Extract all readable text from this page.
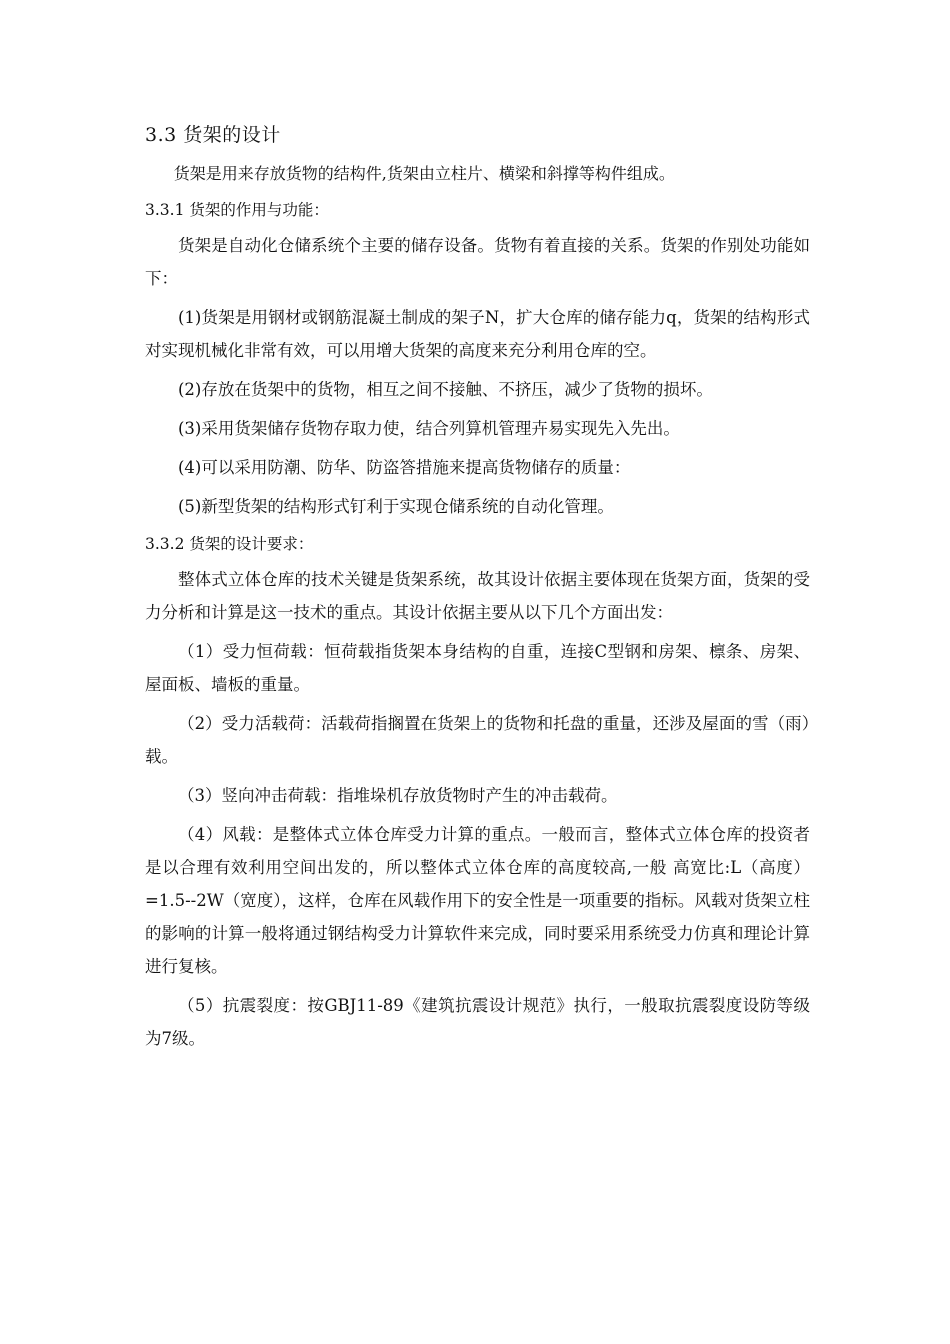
3.3 货架的设计

货架是用来存放货物的结构件,货架由立柱片、横梁和斜撑等构件组成。

3.3.1 货架的作用与功能：

货架是自动化仓储系统个主要的储存设备。货物有着直接的关系。货架的作别处功能如下：

(1)货架是用钢材或钢筋混凝土制成的架子N，扩大仓库的储存能力q，货架的结构形式对实现机械化非常有效，可以用增大货架的高度来充分利用仓库的空。

(2)存放在货架中的货物，相互之间不接触、不挤压，减少了货物的损坏。

(3)采用货架储存货物存取力使，结合列算机管理卉易实现先入先出。

(4)可以采用防潮、防华、防盗答措施来提高货物储存的质量：

(5)新型货架的结构形式钉利于实现仓储系统的自动化管理。

3.3.2 货架的设计要求：

整体式立体仓库的技术关键是货架系统，故其设计依据主要体现在货架方面，货架的受力分析和计算是这一技术的重点。其设计依据主要从以下几个方面出发：

（1）受力恒荷载：恒荷载指货架本身结构的自重，连接C型钢和房架、檩条、房架、屋面板、墙板的重量。

（2）受力活载荷：活载荷指搁置在货架上的货物和托盘的重量，还涉及屋面的雪（雨）载。

（3）竖向冲击荷载：指堆垛机存放货物时产生的冲击载荷。

（4）风载：是整体式立体仓库受力计算的重点。一般而言，整体式立体仓库的投资者是以合理有效利用空间出发的，所以整体式立体仓库的高度较高,一般 高宽比:L（高度）=1.5--2W（宽度），这样，仓库在风载作用下的安全性是一项重要的指标。风载对货架立柱的影响的计算一般将通过钢结构受力计算软件来完成，同时要采用系统受力仿真和理论计算进行复核。

（5）抗震裂度：按GBJ11-89《建筑抗震设计规范》执行，一般取抗震裂度设防等级为7级。
